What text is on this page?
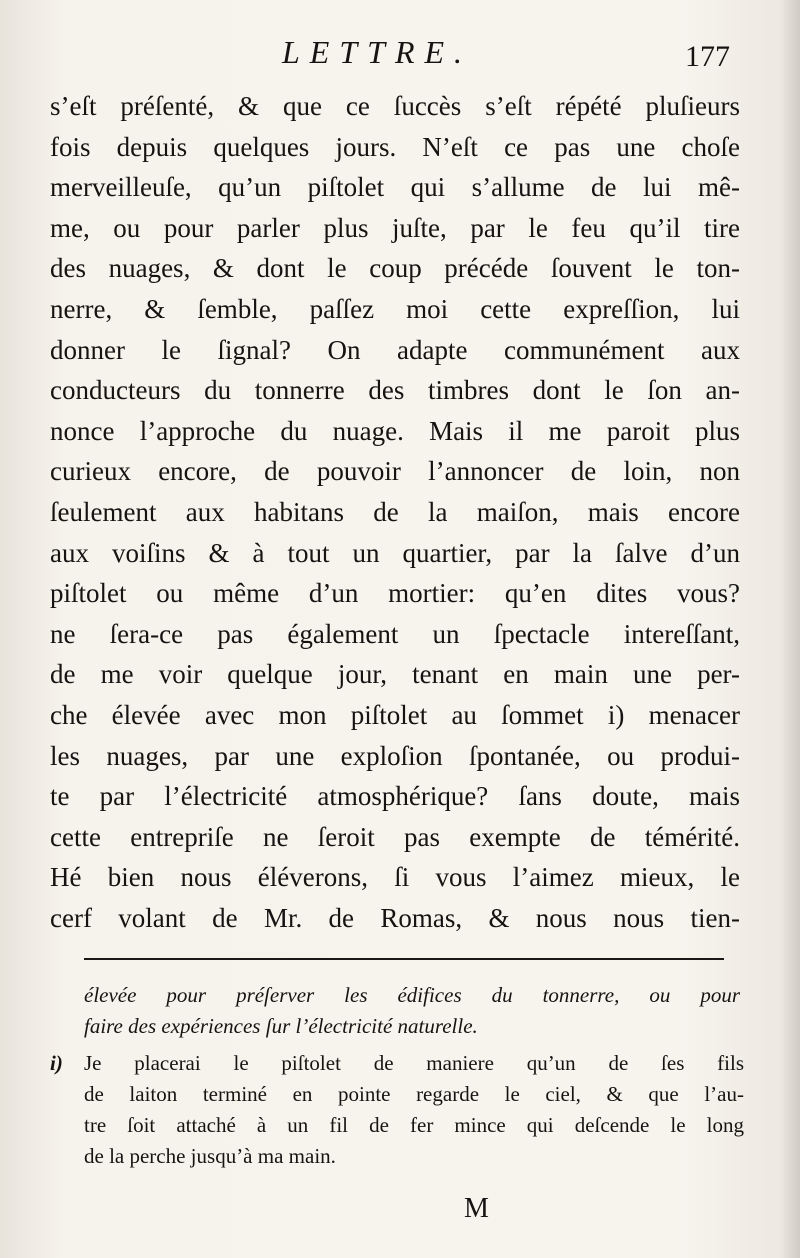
LETTRE.	177
s’eſt préſenté, & que ce ſuccès s’eſt répété pluſieurs
fois depuis quelques jours. N’eſt ce pas une choſe
merveilleuſe, qu’un piſtolet qui s’allume de lui mê-
me, ou pour parler plus juſte, par le feu qu’il tire
des nuages, & dont le coup précéde ſouvent le ton-
nerre, & ſemble, paſſez moi cette expreſſion, lui
donner le ſignal? On adapte communément aux
conducteurs du tonnerre des timbres dont le ſon an-
nonce l’approche du nuage. Mais il me paroit plus
curieux encore, de pouvoir l’annoncer de loin, non
ſeulement aux habitans de la maiſon, mais encore
aux voiſins & à tout un quartier, par la ſalve d’un
piſtolet ou même d’un mortier: qu’en dites vous?
ne ſera-ce pas également un ſpectacle intereſſant,
de me voir quelque jour, tenant en main une per-
che élevée avec mon piſtolet au ſommet i) menacer
les nuages, par une exploſion ſpontanée, ou produi-
te par l’électricité atmosphérique? ſans doute, mais
cette entrepriſe ne ſeroit pas exempte de témérité.
Hé bien nous éléverons, ſi vous l’aimez mieux, le
cerf volant de Mr. de Romas, & nous nous tien-
élevée pour préſerver les édifices du tonnerre, ou pour
faire des expériences ſur l’électricité naturelle.
i) Je placerai le piſtolet de maniere qu’un de ſes fils
de laiton terminé en pointe regarde le ciel, & que l’au-
tre ſoit attaché à un fil de fer mince qui deſcende le long
de la perche jusqu’à ma main.
M
